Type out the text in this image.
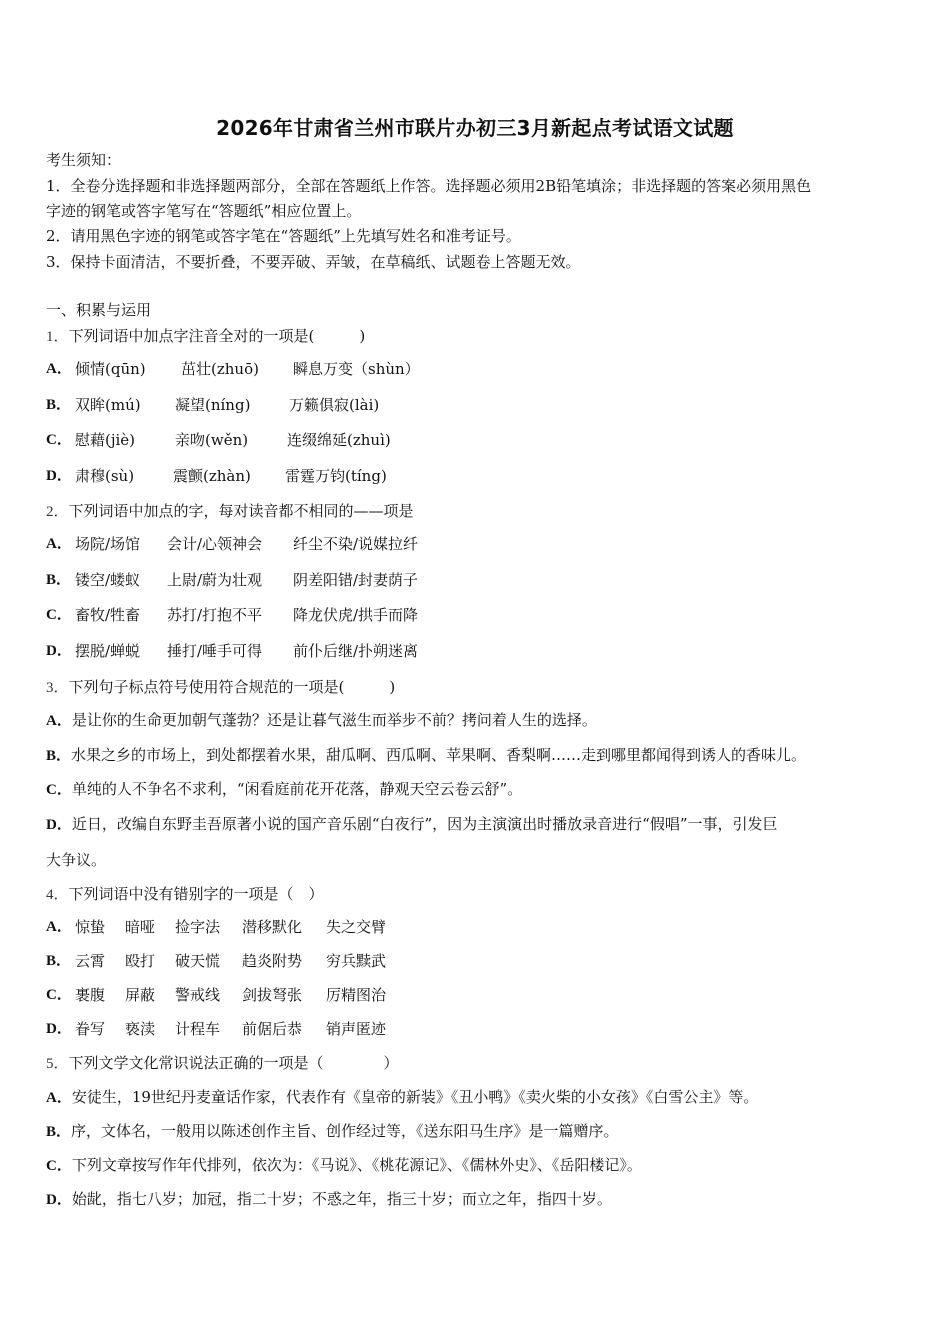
2026年甘肃省兰州市联片办初三3月新起点考试语文试题
考生须知：
1．全卷分选择题和非选择题两部分，全部在答题纸上作答。选择题必须用2B铅笔填涂；非选择题的答案必须用黑色
字迹的钢笔或答字笔写在“答题纸”相应位置上。
2．请用黑色字迹的钢笔或答字笔在“答题纸”上先填写姓名和准考证号。
3．保持卡面清洁，不要折叠，不要弄破、弄皱，在草稿纸、试题卷上答题无效。
一、积累与运用
1．下列词语中加点字注音全对的一项是(　　　)
A． 倾情(qūn) 茁壮(zhuō) 瞬息万变（shùn）
B． 双眸(mú) 凝望(níng)	万籁俱寂(lài)
C． 慰藉(jiè)	亲吻(wěn)	连缀绵延(zhuì)
D． 肃穆(sù)	震颤(zhàn) 雷霆万钧(tíng)
2．下列词语中加点的字，每对读音都不相同的——项是
A． 场院/场馆 会计/心领神会 纤尘不染/说媒拉纤
B． 镂空/蝼蚁 上尉/蔚为壮观 阴差阳错/封妻荫子
C． 畜牧/牲畜 苏打/打抱不平 降龙伏虎/拱手而降
D． 摆脱/蝉蜕 捶打/唾手可得 前仆后继/扑朔迷离
3．下列句子标点符号使用符合规范的一项是(　　　)
A．是让你的生命更加朝气蓬勃？还是让暮气滋生而举步不前？拷问着人生的选择。
B．水果之乡的市场上，到处都摆着水果，甜瓜啊、西瓜啊、苹果啊、香梨啊……走到哪里都闻得到诱人的香味儿。
C．单纯的人不争名不求利，“闲看庭前花开花落，静观天空云卷云舒”。
D．近日，改编自东野圭吾原著小说的国产音乐剧“白夜行”，因为主演演出时播放录音进行“假唱”一事，引发巨
大争议。
4．下列词语中没有错别字的一项是（　）
A． 惊蛰 暗哑 捡字法 潜移默化 失之交臂
B． 云霄 殴打 破天慌 趋炎附势 穷兵黩武
C． 裹腹 屏蔽 警戒线 剑拔弩张 厉精图治
D． 眷写 亵渎 计程车 前倨后恭 销声匿迹
5．下列文学文化常识说法正确的一项是（　　　　）
A．安徒生，19世纪丹麦童话作家，代表作有《皇帝的新装》《丑小鸭》《卖火柴的小女孩》《白雪公主》等。
B．序，文体名，一般用以陈述创作主旨、创作经过等，《送东阳马生序》是一篇赠序。
C．下列文章按写作年代排列，依次为：《马说》、《桃花源记》、《儒林外史》、《岳阳楼记》。
D．始龀，指七八岁；加冠，指二十岁；不惑之年，指三十岁；而立之年，指四十岁。
